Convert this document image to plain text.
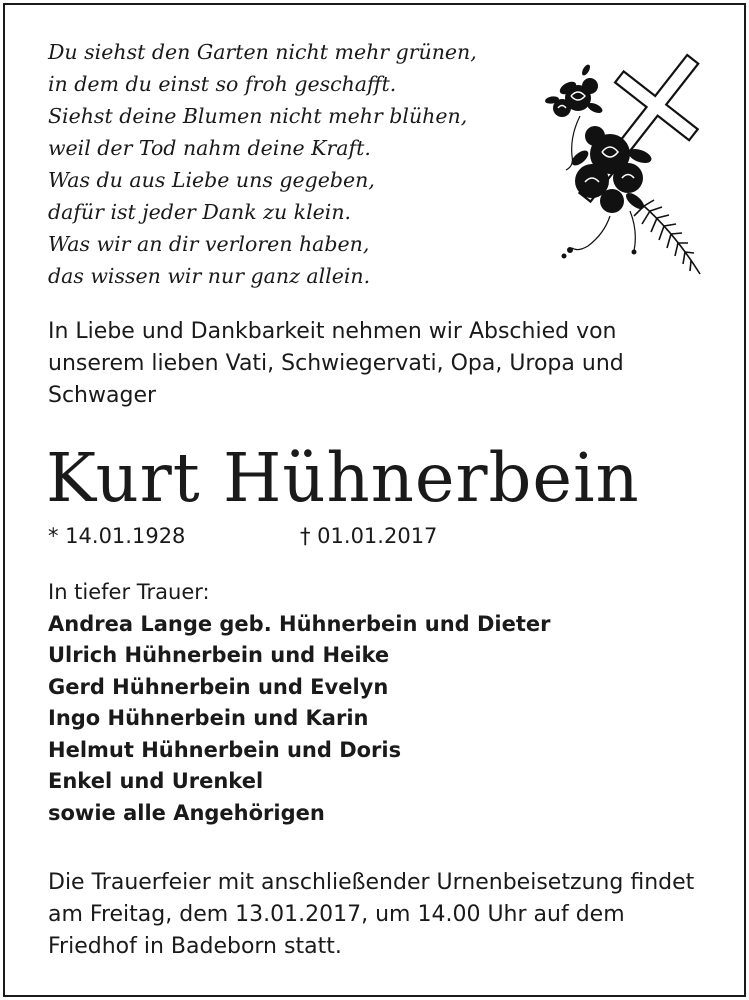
Du siehst den Garten nicht mehr grünen,
in dem du einst so froh geschafft.
Siehst deine Blumen nicht mehr blühen,
weil der Tod nahm deine Kraft.
Was du aus Liebe uns gegeben,
dafür ist jeder Dank zu klein.
Was wir an dir verloren haben,
das wissen wir nur ganz allein.
In Liebe und Dankbarkeit nehmen wir Abschied von unserem lieben Vati, Schwiegervati, Opa, Uropa und Schwager
Kurt Hühnerbein
* 14.01.1928	† 01.01.2017
In tiefer Trauer:
Andrea Lange geb. Hühnerbein und Dieter
Ulrich Hühnerbein und Heike
Gerd Hühnerbein und Evelyn
Ingo Hühnerbein und Karin
Helmut Hühnerbein und Doris
Enkel und Urenkel
sowie alle Angehörigen
Die Trauerfeier mit anschließender Urnenbeisetzung findet am Freitag, dem 13.01.2017, um 14.00 Uhr auf dem Friedhof in Badeborn statt.
